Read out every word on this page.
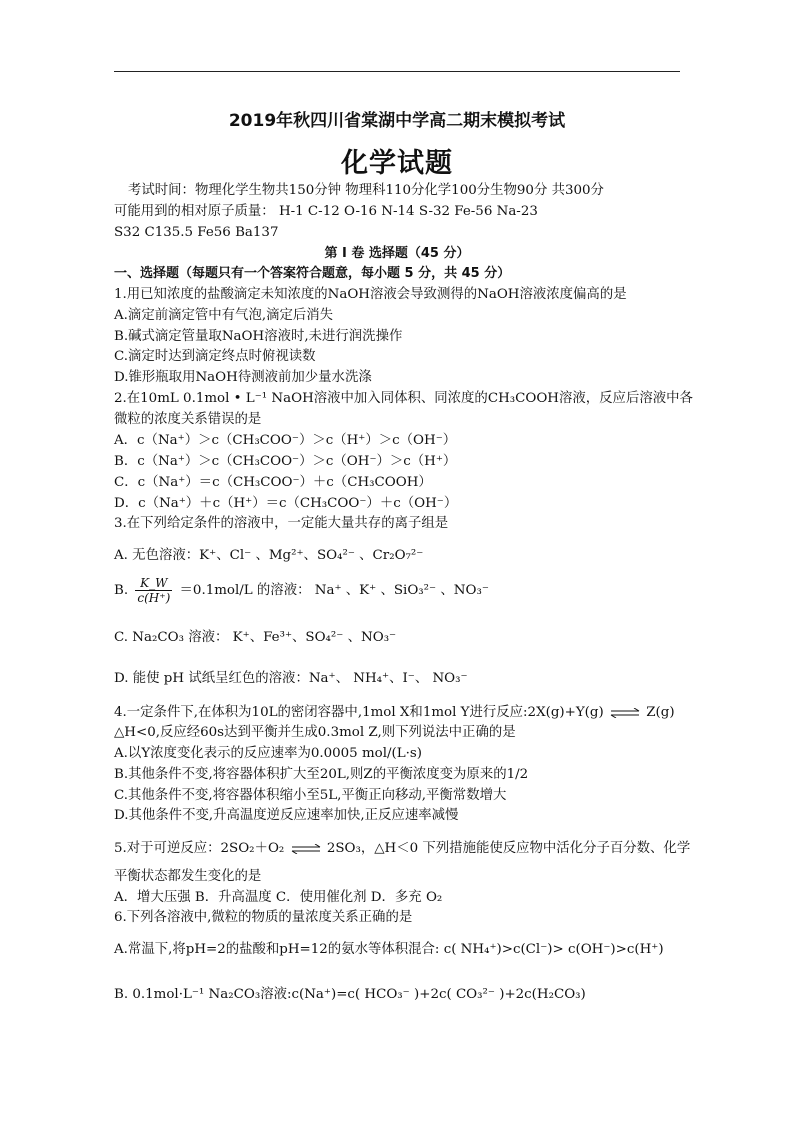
2019年秋四川省棠湖中学高二期末模拟考试
化学试题
考试时间：物理化学生物共150分钟 物理科110分化学100分生物90分 共300分
可能用到的相对原子质量： H-1 C-12 O-16 N-14 S-32 Fe-56 Na-23
S32 C135.5 Fe56 Ba137
第 I 卷 选择题（45 分）
一、选择题（每题只有一个答案符合题意，每小题 5 分，共 45 分）
1.用已知浓度的盐酸滴定未知浓度的NaOH溶液会导致测得的NaOH溶液浓度偏高的是
A.滴定前滴定管中有气泡,滴定后消失
B.碱式滴定管量取NaOH溶液时,未进行润洗操作
C.滴定时达到滴定终点时俯视读数
D.锥形瓶取用NaOH待测液前加少量水洗涤
2.在10mL 0.1mol • L⁻¹ NaOH溶液中加入同体积、同浓度的CH₃COOH溶液，反应后溶液中各
微粒的浓度关系错误的是
A．c（Na⁺）＞c（CH₃COO⁻）＞c（H⁺）＞c（OH⁻）
B．c（Na⁺）＞c（CH₃COO⁻）＞c（OH⁻）＞c（H⁺）
C．c（Na⁺）＝c（CH₃COO⁻）＋c（CH₃COOH）
D．c（Na⁺）＋c（H⁺）＝c（CH₃COO⁻）＋c（OH⁻）
3.在下列给定条件的溶液中，一定能大量共存的离子组是
A. 无色溶液：K⁺、Cl⁻ 、Mg²⁺、SO₄²⁻ 、Cr₂O₇²⁻
B. $\frac{K\_W}{c(H^+)} =0.1mol/L$ 的溶液： Na⁺ 、K⁺ 、SiO₃²⁻ 、NO₃⁻
C. Na₂CO₃ 溶液： K⁺、Fe³⁺、SO₄²⁻ 、NO₃⁻
D. 能使 pH 试纸呈红色的溶液：Na⁺、 NH₄⁺、I⁻、 NO₃⁻
4.一定条件下,在体积为10L的密闭容器中,1mol X和1mol Y进行反应:2X(g)+Y(g) ⇌ Z(g)
△H<0,反应经60s达到平衡并生成0.3mol Z,则下列说法中正确的是
A.以Y浓度变化表示的反应速率为0.0005 mol/(L·s)
B.其他条件不变,将容器体积扩大至20L,则Z的平衡浓度变为原来的1/2
C.其他条件不变,将容器体积缩小至5L,平衡正向移动,平衡常数增大
D.其他条件不变,升高温度逆反应速率加快,正反应速率减慢
5.对于可逆反应：2SO₂＋O₂ ⇌ 2SO₃，△H＜0 下列措施能使反应物中活化分子百分数、化学
平衡状态都发生变化的是
A．增大压强 B．升高温度 C．使用催化剂 D．多充 O₂
6.下列各溶液中,微粒的物质的量浓度关系正确的是
A.常温下,将pH=2的盐酸和pH=12的氨水等体积混合: c( NH₄⁺)>c(Cl⁻)> c(OH⁻)>c(H⁺)
B. 0.1mol·L⁻¹ Na₂CO₃溶液:c(Na⁺)=c( HCO₃⁻ )+2c( CO₃²⁻ )+2c(H₂CO₃)
